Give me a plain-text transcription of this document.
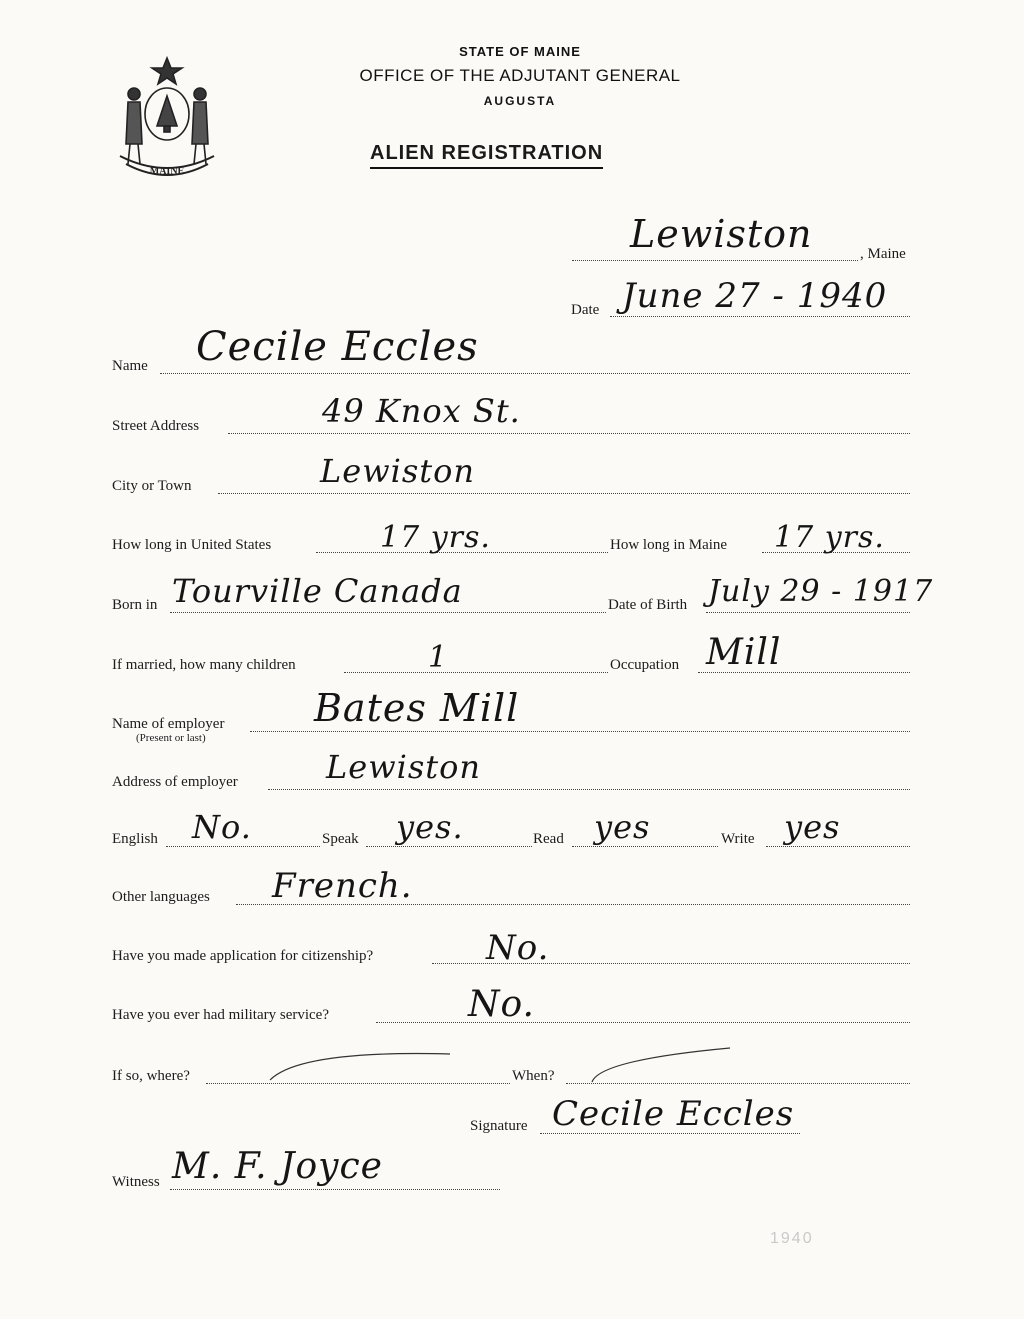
MAINE
STATE OF MAINE
OFFICE OF THE ADJUTANT GENERAL
AUGUSTA
ALIEN REGISTRATION
Lewiston	, Maine
Date June 27 - 1940
Name Cecile Eccles
Street Address	49 Knox St.
City or Town	Lewiston
How long in United States	17 yrs.	How long in Maine 17 yrs.
Born in Tourville Canada	Date of Birth July 29 - 1917
If married, how many children	1	Occupation Mill
Name of employer
(Present or last)
Bates Mill
Address of employer	Lewiston
English No.	Speak yes.	Read yes	Write yes
Other languages French.
Have you made application for citizenship?	No.
Have you ever had military service?	No.
If so, where?	When?
Signature Cecile Eccles
Witness M. F. Joyce
1940
